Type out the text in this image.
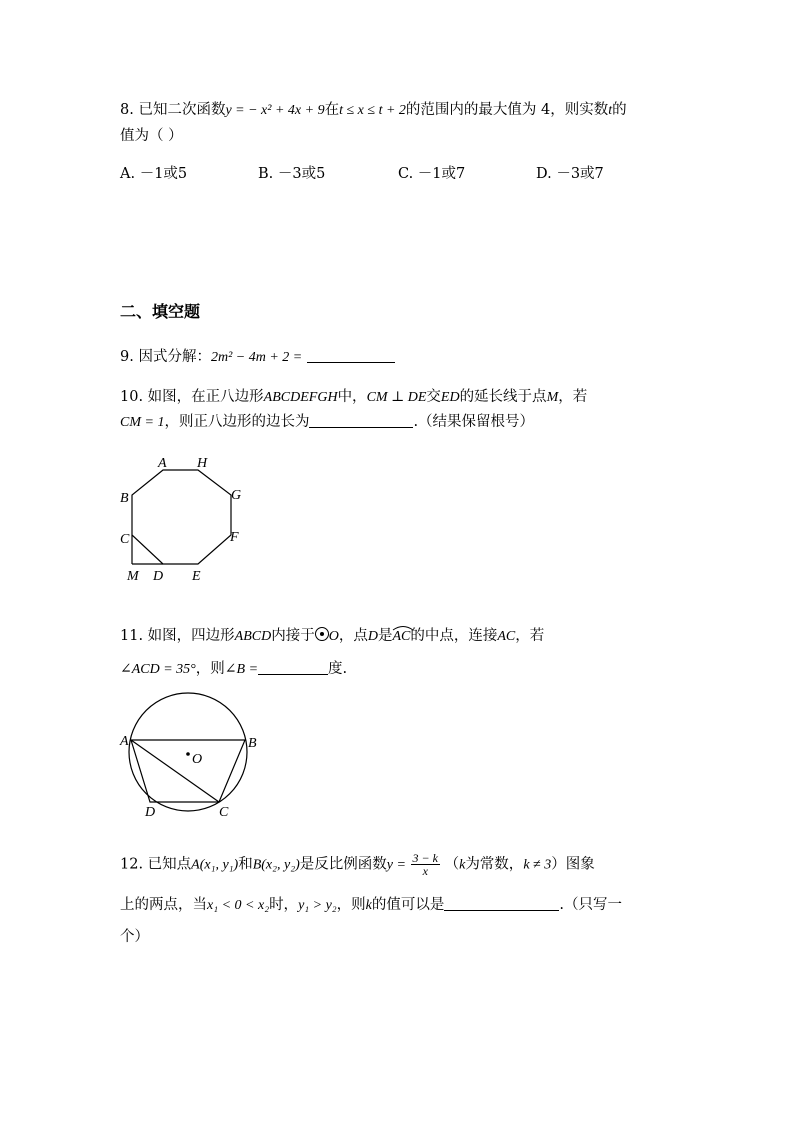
8. 已知二次函数y = − x² + 4x + 9在t ≤ x ≤ t + 2的范围内的最大值为 4，则实数t的
值为（ ）
A. －1或5	B. －3或5	C. －1或7	D. －3或7
二、填空题
9. 因式分解：2m² − 4m + 2 =
10. 如图，在正八边形ABCDEFGH中，CM ⊥ DE交ED的延长线于点M，若
CM = 1，则正八边形的边长为	.（结果保留根号）
A H
B	G
C	F
M D E
11. 如图，四边形ABCD内接于 O，点D是
AC的中点，连接AC，若
∠ACD = 35°，则∠B =	度.
A	B
O
D	C
12. 已知点A(x₁, y₁)和B(x₂, y₂)是反比例函数$y = \frac{3 - k}{x} (k$为常数，k ≠ 3）图象
上的两点，当x₁ < 0 < x₂时，y₁ > y₂，则k的值可以是	.（只写一
个）
